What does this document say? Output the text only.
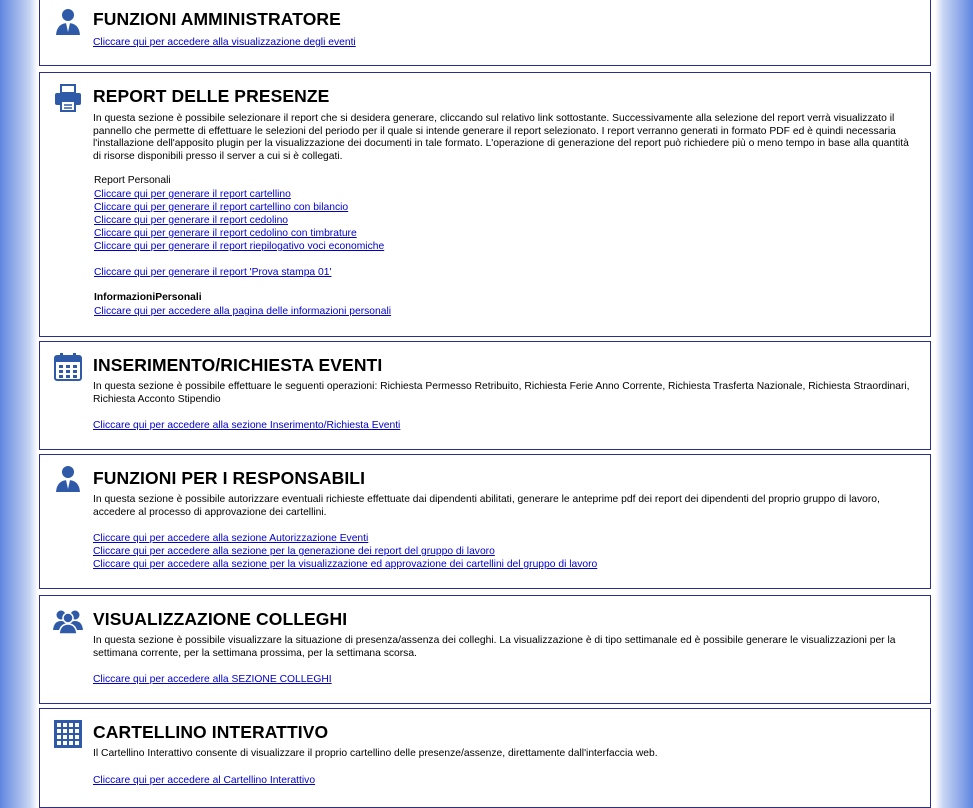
FUNZIONI AMMINISTRATORE
Cliccare qui per accedere alla visualizzazione degli eventi
REPORT DELLE PRESENZE
In questa sezione è possibile selezionare il report che si desidera generare, cliccando sul relativo link sottostante. Successivamente alla selezione del report verrà visualizzato il pannello che permette di effettuare le selezioni del periodo per il quale si intende generare il report selezionato. I report verranno generati in formato PDF ed è quindi necessaria l'installazione dell'apposito plugin per la visualizzazione dei documenti in tale formato. L'operazione di generazione del report può richiedere più o meno tempo in base alla quantità di risorse disponibili presso il server a cui si è collegati.
Report Personali
Cliccare qui per generare il report cartellino
Cliccare qui per generare il report cartellino con bilancio
Cliccare qui per generare il report cedolino
Cliccare qui per generare il report cedolino con timbrature
Cliccare qui per generare il report riepilogativo voci economiche
Cliccare qui per generare il report 'Prova stampa 01'
InformazioniPersonali
Cliccare qui per accedere alla pagina delle informazioni personali
INSERIMENTO/RICHIESTA EVENTI
In questa sezione è possibile effettuare le seguenti operazioni: Richiesta Permesso Retribuito, Richiesta Ferie Anno Corrente, Richiesta Trasferta Nazionale, Richiesta Straordinari, Richiesta Acconto Stipendio
Cliccare qui per accedere alla sezione Inserimento/Richiesta Eventi
FUNZIONI PER I RESPONSABILI
In questa sezione è possibile autorizzare eventuali richieste effettuate dai dipendenti abilitati, generare le anteprime pdf dei report dei dipendenti del proprio gruppo di lavoro, accedere al processo di approvazione dei cartellini.
Cliccare qui per accedere alla sezione Autorizzazione Eventi
Cliccare qui per accedere alla sezione per la generazione dei report del gruppo di lavoro
Cliccare qui per accedere alla sezione per la visualizzazione ed approvazione dei cartellini del gruppo di lavoro
VISUALIZZAZIONE COLLEGHI
In questa sezione è possibile visualizzare la situazione di presenza/assenza dei colleghi. La visualizzazione è di tipo settimanale ed è possibile generare le visualizzazioni per la settimana corrente, per la settimana prossima, per la settimana scorsa.
Cliccare qui per accedere alla SEZIONE COLLEGHI
CARTELLINO INTERATTIVO
Il Cartellino Interattivo consente di visualizzare il proprio cartellino delle presenze/assenze, direttamente dall'interfaccia web.
Cliccare qui per accedere al Cartellino Interattivo
